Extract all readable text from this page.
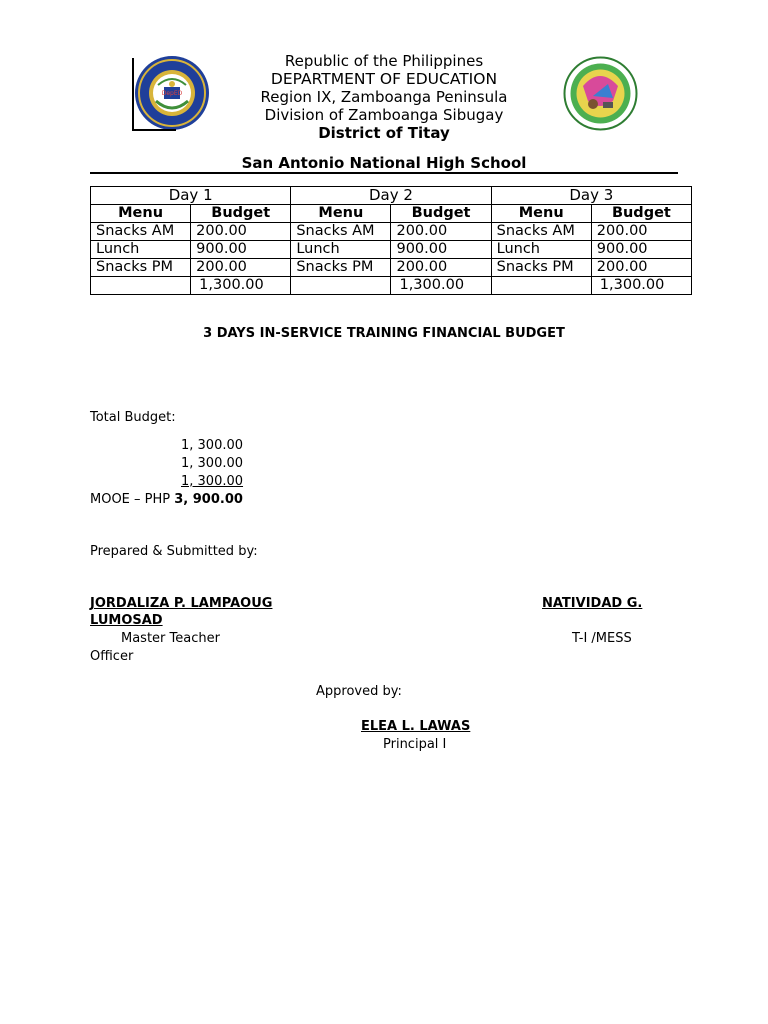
DepED
Republic of the Philippines
DEPARTMENT OF EDUCATION
Region IX, Zamboanga Peninsula
Division of Zamboanga Sibugay
District of Titay
San Antonio National High School
Day 1		Day 2		Day 3	
Menu	Budget	Menu	Budget	Menu	Budget
Snacks AM	200.00	Snacks AM	200.00	Snacks AM	200.00
Lunch	900.00	Lunch	900.00	Lunch	900.00
Snacks PM	200.00	Snacks PM	200.00	Snacks PM	200.00
	1,300.00		1,300.00		1,300.00
3 DAYS IN-SERVICE TRAINING FINANCIAL BUDGET
Total Budget:
1, 300.00
1, 300.00
1, 300.00
MOOE – PHP 3, 900.00
Prepared & Submitted by:
JORDALIZA P. LAMPAOUG	NATIVIDAD G.
LUMOSAD
Master Teacher	T-I /MESS
Officer
Approved by:
ELEA L. LAWAS
Principal I
